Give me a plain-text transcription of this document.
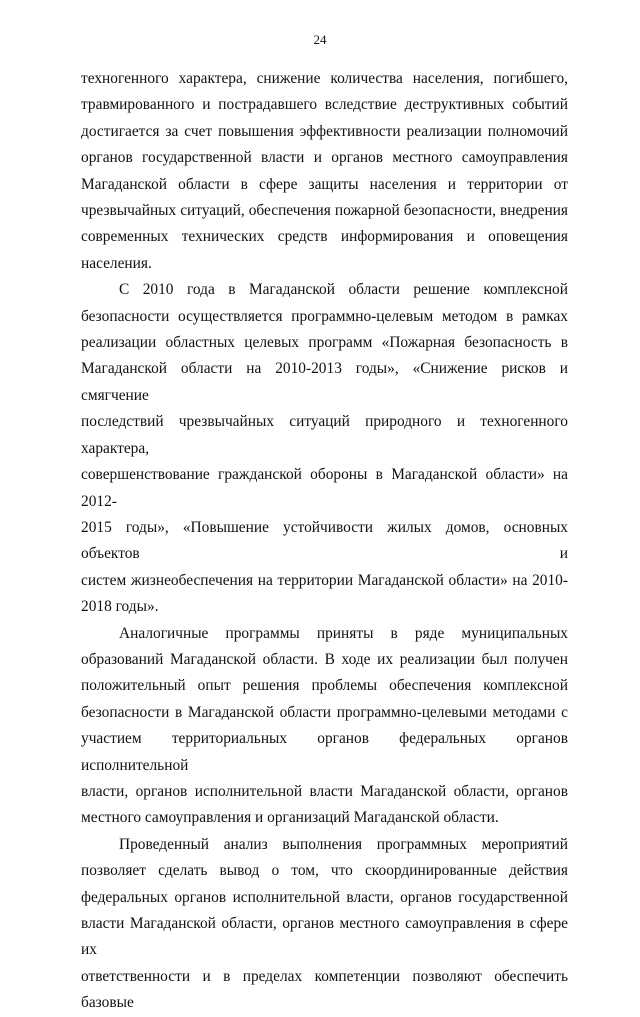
24

техногенного характера, снижение количества населения, погибшего,

травмированного и пострадавшего вследствие деструктивных событий

достигается за счет повышения эффективности реализации полномочий

органов государственной власти и органов местного самоуправления

Магаданской области в сфере защиты населения и территории от

чрезвычайных ситуаций, обеспечения пожарной безопасности, внедрения

современных технических средств информирования и оповещения

населения.

С 2010 года в Магаданской области решение комплексной

безопасности осуществляется программно-целевым методом в рамках

реализации областных целевых программ «Пожарная безопасность в

Магаданской области на 2010-2013 годы», «Снижение рисков и смягчение

последствий чрезвычайных ситуаций природного и техногенного характера,

совершенствование гражданской обороны в Магаданской области» на 2012-

2015 годы», «Повышение устойчивости жилых домов, основных объектов и

систем жизнеобеспечения на территории Магаданской области» на 2010-

2018 годы».

Аналогичные программы приняты в ряде муниципальных

образований Магаданской области. В ходе их реализации был получен

положительный опыт решения проблемы обеспечения комплексной

безопасности в Магаданской области программно-целевыми методами с

участием территориальных органов федеральных органов исполнительной

власти, органов исполнительной власти Магаданской области, органов

местного самоуправления и организаций Магаданской области.

Проведенный анализ выполнения программных мероприятий

позволяет сделать вывод о том, что скоординированные действия

федеральных органов исполнительной власти, органов государственной

власти Магаданской области, органов местного самоуправления в сфере их

ответственности и в пределах компетенции позволяют обеспечить базовые
